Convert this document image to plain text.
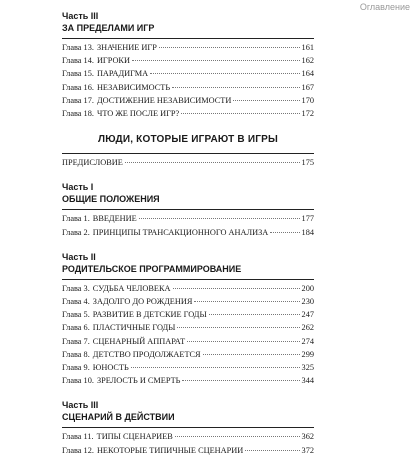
Оглавление
Часть III
ЗА ПРЕДЕЛАМИ ИГР
Глава 13. ЗНАЧЕНИЕ ИГР	161
Глава 14. ИГРОКИ	162
Глава 15. ПАРАДИГМА	164
Глава 16. НЕЗАВИСИМОСТЬ	167
Глава 17. ДОСТИЖЕНИЕ НЕЗАВИСИМОСТИ	170
Глава 18. ЧТО ЖЕ ПОСЛЕ ИГР?	172
ЛЮДИ, КОТОРЫЕ ИГРАЮТ В ИГРЫ
ПРЕДИСЛОВИЕ	175
Часть I
ОБЩИЕ ПОЛОЖЕНИЯ
Глава 1. ВВЕДЕНИЕ	177
Глава 2. ПРИНЦИПЫ ТРАНСАКЦИОННОГО АНАЛИЗА	184
Часть II
РОДИТЕЛЬСКОЕ ПРОГРАММИРОВАНИЕ
Глава 3. СУДЬБА ЧЕЛОВЕКА	200
Глава 4. ЗАДОЛГО ДО РОЖДЕНИЯ	230
Глава 5. РАЗВИТИЕ В ДЕТСКИЕ ГОДЫ	247
Глава 6. ПЛАСТИЧНЫЕ ГОДЫ	262
Глава 7. СЦЕНАРНЫЙ АППАРАТ	274
Глава 8. ДЕТСТВО ПРОДОЛЖАЕТСЯ	299
Глава 9. ЮНОСТЬ	325
Глава 10. ЗРЕЛОСТЬ И СМЕРТЬ	344
Часть III
СЦЕНАРИЙ В ДЕЙСТВИИ
Глава 11. ТИПЫ СЦЕНАРИЕВ	362
Глава 12. НЕКОТОРЫЕ ТИПИЧНЫЕ СЦЕНАРИИ	372
